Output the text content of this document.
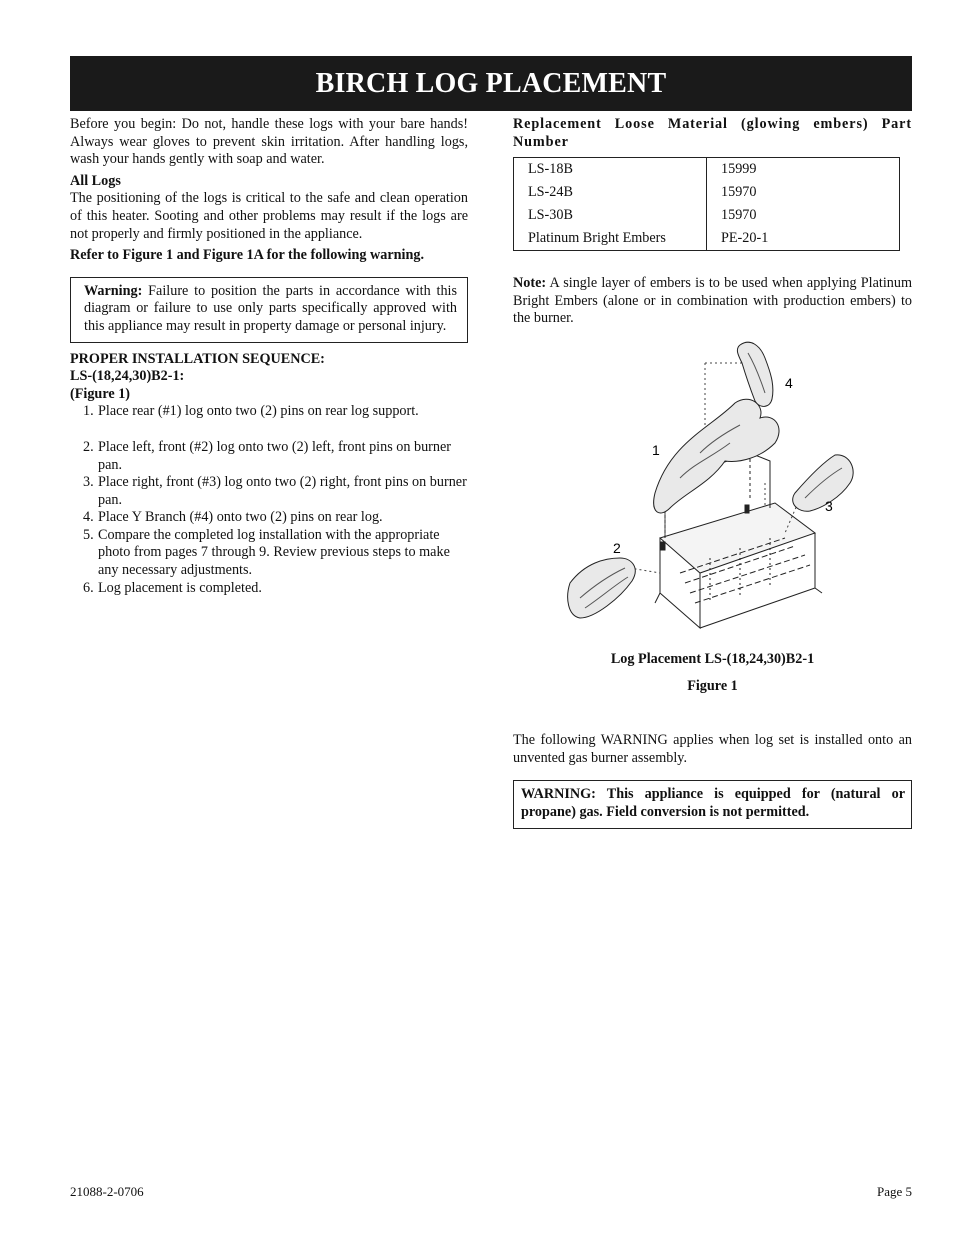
BIRCH LOG PLACEMENT

Before you begin: Do not, handle these logs with your bare hands! Always wear gloves to prevent skin irritation. After handling logs, wash your hands gently with soap and water.

All Logs

The positioning of the logs is critical to the safe and clean operation of this heater. Sooting and other problems may result if the logs are not properly and firmly positioned in the appliance.

Refer to Figure 1 and Figure 1A for the following warning.

Warning: Failure to position the parts in accordance with this diagram or failure to use only parts specifically approved with this appliance may result in property damage or personal injury.

PROPER INSTALLATION SEQUENCE:

LS-(18,24,30)B2-1:

(Figure 1)

1. Place rear (#1) log onto two (2) pins on rear log support.
2. Place left, front (#2) log onto two (2) left, front pins on burner pan.
3. Place right, front (#3) log onto two (2) right, front pins on burner pan.
4. Place Y Branch (#4) onto two (2) pins on rear log.
5. Compare the completed log installation with the appropriate photo from pages 7 through 9. Review previous steps to make any necessary adjustments.
6. Log placement is completed.

Replacement Loose Material (glowing embers) Part Number

LS-18B	15999
LS-24B	15970
LS-30B	15970
Platinum Bright Embers	PE-20-1

Note: A single layer of embers is to be used when applying Platinum Bright Embers (alone or in combination with production embers) to the burner.

4
1
3
2

Log Placement LS-(18,24,30)B2-1

Figure 1

The following WARNING applies when log set is installed onto an unvented gas burner assembly.

WARNING: This appliance is equipped for (natural or propane) gas. Field conversion is not permitted.
21088-2-0706	Page 5
